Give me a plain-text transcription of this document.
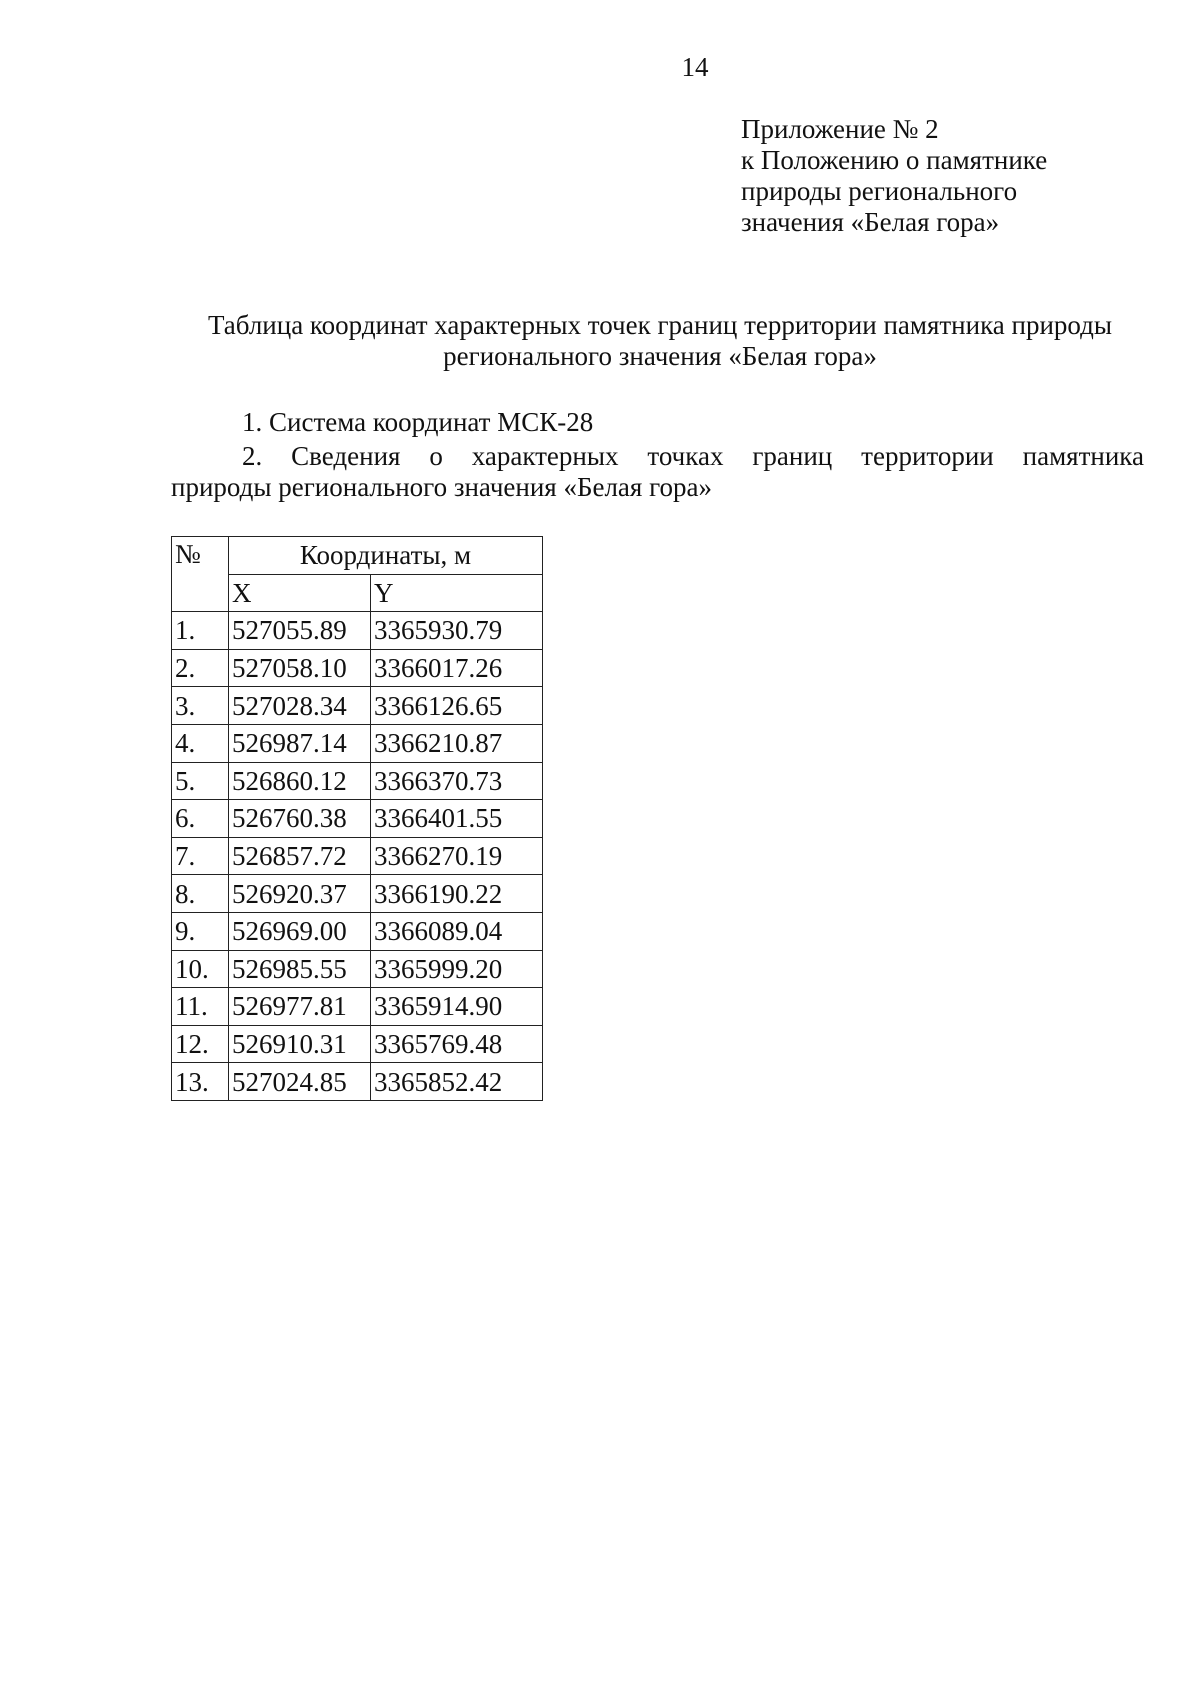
14
Приложение № 2
к Положению о памятнике
природы регионального
значения «Белая гора»
Таблица координат характерных точек границ территории памятника природы
регионального значения «Белая гора»
1. Система координат МСК-28
2. Сведения о характерных точках границ территории памятника
природы регионального значения «Белая гора»
№	Координаты, м	
	X	Y
1.	527055.89	3365930.79
2.	527058.10	3366017.26
3.	527028.34	3366126.65
4.	526987.14	3366210.87
5.	526860.12	3366370.73
6.	526760.38	3366401.55
7.	526857.72	3366270.19
8.	526920.37	3366190.22
9.	526969.00	3366089.04
10.	526985.55	3365999.20
11.	526977.81	3365914.90
12.	526910.31	3365769.48
13.	527024.85	3365852.42
